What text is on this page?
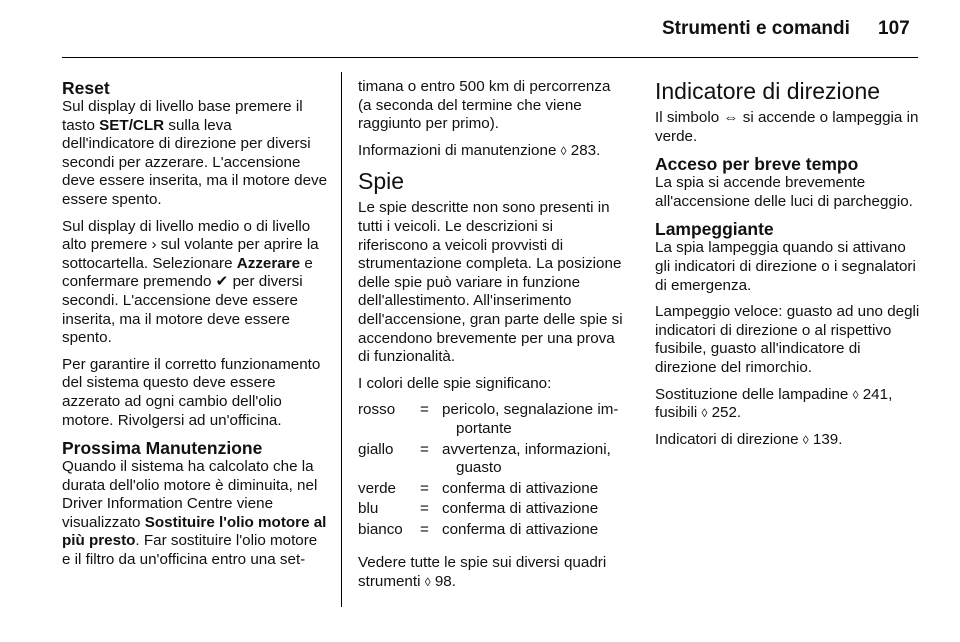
Strumenti e comandi 107
Reset

Sul display di livello base premere il tasto SET/CLR sulla leva dell'indicatore di direzione per diversi secondi per azzerare. L'accensione deve essere inserita, ma il motore deve essere spento.

Sul display di livello medio o di livello alto premere › sul volante per aprire la sottocartella. Selezionare Azzerare e confermare premendo ✔ per diversi secondi. L'accensione deve essere inserita, ma il motore deve essere spento.

Per garantire il corretto funzionamento del sistema questo deve essere azzerato ad ogni cambio dell'olio motore. Rivolgersi ad un'officina.

Prossima Manutenzione

Quando il sistema ha calcolato che la durata dell'olio motore è diminuita, nel Driver Information Centre viene visualizzato Sostituire l'olio motore al più presto. Far sostituire l'olio motore e il filtro da un'officina entro una set-

timana o entro 500 km di percorrenza (a seconda del termine che viene raggiunto per primo).

Informazioni di manutenzione ◊ 283.

Spie

Le spie descritte non sono presenti in tutti i veicoli. Le descrizioni si riferiscono a veicoli provvisti di strumentazione completa. La posizione delle spie può variare in funzione dell'allestimento. All'inserimento dell'accensione, gran parte delle spie si accendono brevemente per una prova di funzionalità.

I colori delle spie significano:

rosso	=	pericolo, segnalazione im-
portante

giallo	=	avvertenza, informazioni,
guasto

verde	=	conferma di attivazione
blu	=	conferma di attivazione
bianco	=	conferma di attivazione

Vedere tutte le spie sui diversi quadri strumenti ◊ 98.

Indicatore di direzione

Il simbolo ⇔ si accende o lampeggia in verde.

Acceso per breve tempo

La spia si accende brevemente all'accensione delle luci di parcheggio.

Lampeggiante

La spia lampeggia quando si attivano gli indicatori di direzione o i segnalatori di emergenza.

Lampeggio veloce: guasto ad uno degli indicatori di direzione o al rispettivo fusibile, guasto all'indicatore di direzione del rimorchio.

Sostituzione delle lampadine ◊ 241,
fusibili ◊ 252.

Indicatori di direzione ◊ 139.
